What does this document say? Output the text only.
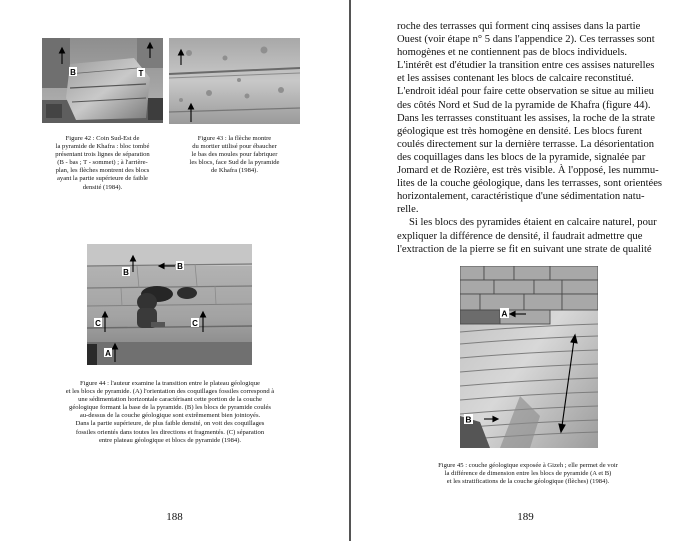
B	T
Figure 42 : Coin Sud-Est de
la pyramide de Khafra : bloc tombé
présentant trois lignes de séparation
(B - bas ; T - sommet) ; à l'arrière-
plan, les flèches montrent des blocs
ayant la partie supérieure de faible
densité (1984).
Figure 43 : la flèche montre
du mortier utilisé pour ébaucher
le bas des moules pour fabriquer
les blocs, face Sud de la pyramide
de Khafra (1984).
B
B
C	C
A
Figure 44 : l'auteur examine la transition entre le plateau géologique
et les blocs de pyramide. (A) l'orientation des coquillages fossiles correspond à
une sédimentation horizontale caractérisant cette portion de la couche
géologique formant la base de la pyramide. (B) les blocs de pyramide coulés
au-dessus de la couche géologique sont extrêmement bien jointoyés.
Dans la partie supérieure, de plus faible densité, on voit des coquillages
fossiles orientés dans toutes les directions et fragmentés. (C) séparation
entre plateau géologique et blocs de pyramide (1984).
188
roche des terrasses qui forment cinq assises dans la partie
Ouest (voir étape n° 5 dans l'appendice 2). Ces terrasses sont
homogènes et ne contiennent pas de blocs individuels.
L'intérêt est d'étudier la transition entre ces assises naturelles
et les assises contenant les blocs de calcaire reconstitué.
L'endroit idéal pour faire cette observation se situe au milieu
des côtés Nord et Sud de la pyramide de Khafra (figure 44).
Dans les terrasses constituant les assises, la roche de la strate
géologique est très homogène en densité. Les blocs furent
coulés directement sur la dernière terrasse. La désorientation
des coquillages dans les blocs de la pyramide, signalée par
Jomard et de Rozière, est très visible. À l'opposé, les nummu-
lites de la couche géologique, dans les terrasses, sont orientées
horizontalement, caractéristique d'une sédimentation natu-
relle.
Si les blocs des pyramides étaient en calcaire naturel, pour
expliquer la différence de densité, il faudrait admettre que
l'extraction de la pierre se fit en suivant une strate de qualité
A
B
Figure 45 : couche géologique exposée à Gizeh ; elle permet de voir
la différence de dimension entre les blocs de pyramide (A et B)
et les stratifications de la couche géologique (flèches) (1984).
189
